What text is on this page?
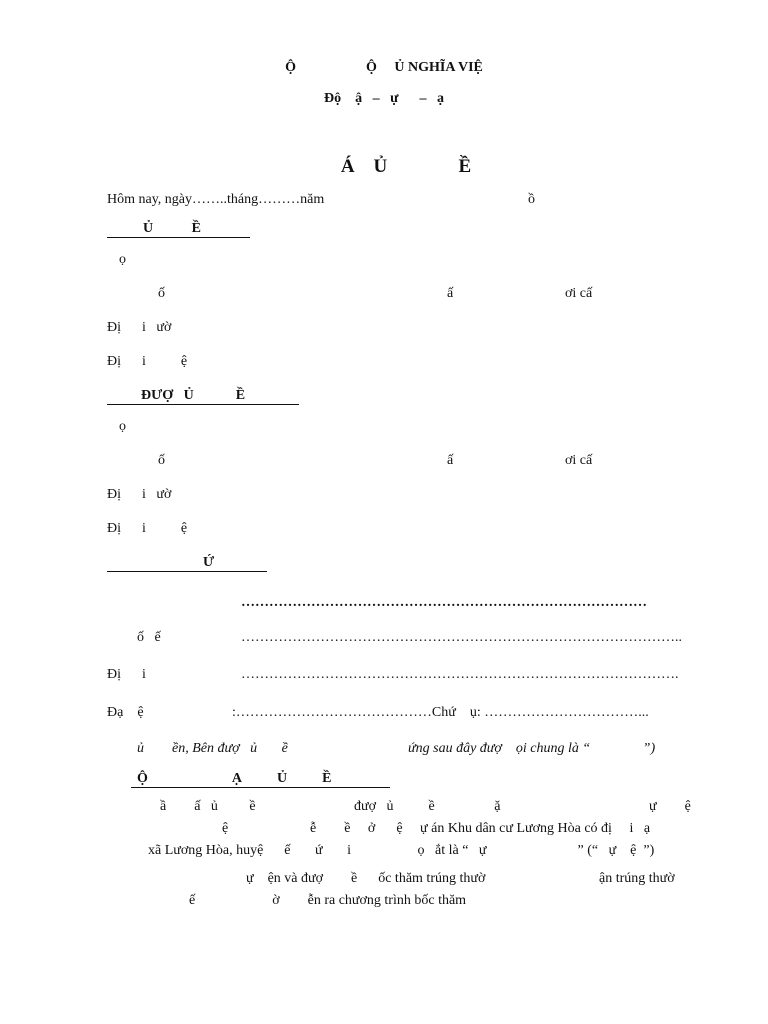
Ộ                    Ộ     Ủ NGHĨA VIỆ
Độ    ậ   –   ự      –   ạ
Á    Ủ               Ề
Hôm nay, ngày……..tháng………năm	ồ
Ủ           Ề
ọ
ố	ấ	ơi cấ
Đị      i   ườ
Đị      i          ệ
ĐƯỢ   Ủ            Ề
ọ
ố	ấ	ơi cấ
Đị      i   ườ
Đị      i          ệ
Ứ
……………………………………………………………………………
ố   ế	…………………………………………………………………………………..
Đị      i	………………………………………………………………………………….
Đạ    ệ	:……………………………………Chứ    ụ: ……………………………...
ủ        ền, Bên đượ   ủ       ề	ứng sau đây đượ    ọi chung là “               ”)
Ộ                        Ạ          Ủ          Ề
ầ        ấ   ủ         ề	đượ   ủ          ề                 ặ	ự        ệ
ệ	ễ        ề     ở      ệ     ự án Khu dân cư Lương Hòa có đị     i   ạ
xã Lương Hòa, huyệ      ế       ứ       i                   ọ   ắt là “   ự                          ” (“   ự    ệ  ”)
ự    ện và đượ        ề      ốc thăm trúng thườ	ận trúng thườ
ế                      ờ        ễn ra chương trình bốc thăm
